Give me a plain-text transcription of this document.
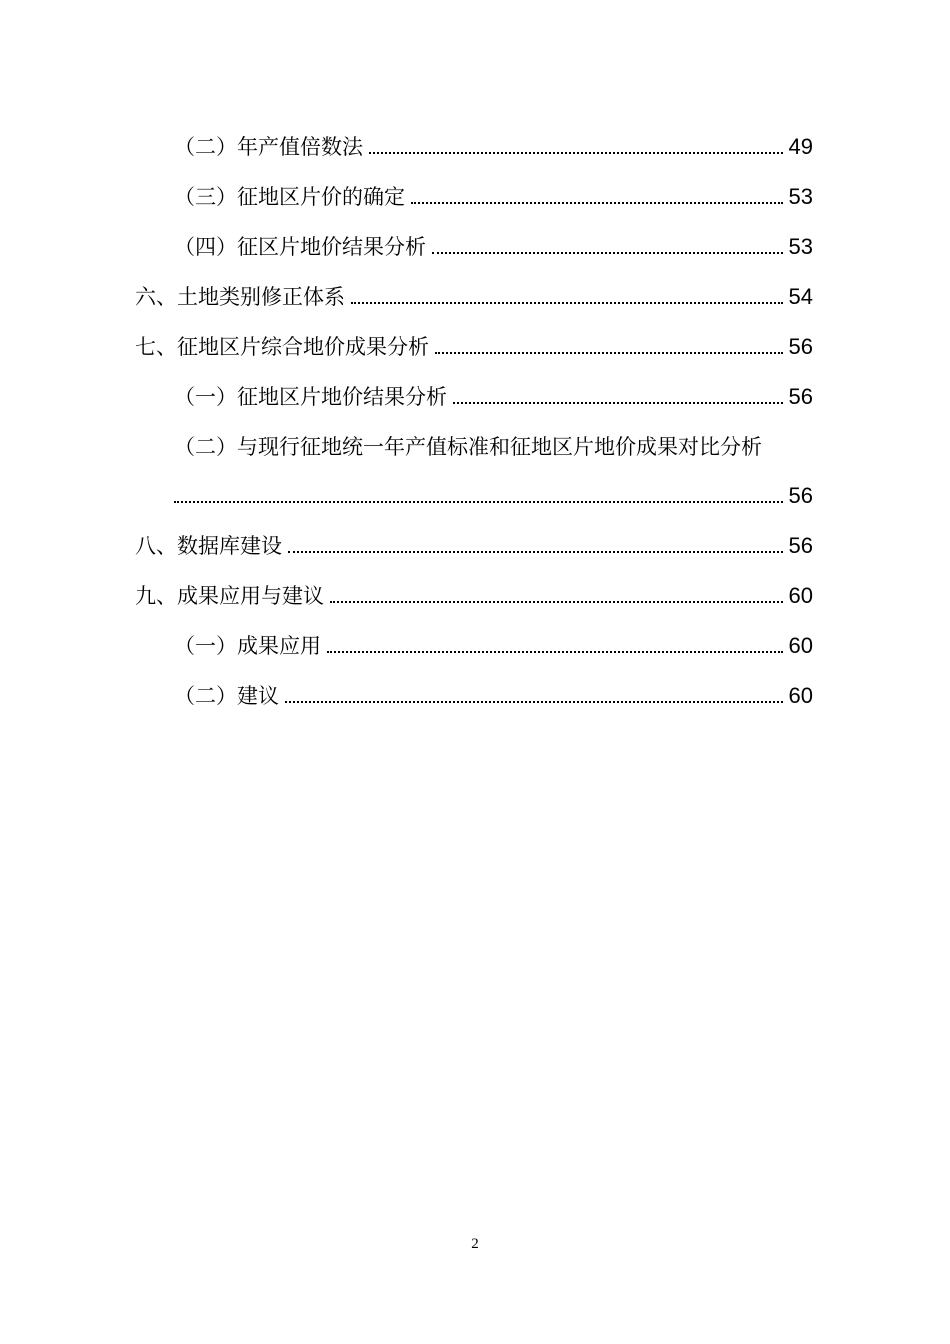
（二）年产值倍数法	49
（三）征地区片价的确定	53
（四）征区片地价结果分析	53
六、土地类别修正体系	54
七、征地区片综合地价成果分析	56
（一）征地区片地价结果分析	56
（二）与现行征地统一年产值标准和征地区片地价成果对比分析
56
八、数据库建设	56
九、成果应用与建议	60
（一）成果应用	60
（二）建议	60
2
